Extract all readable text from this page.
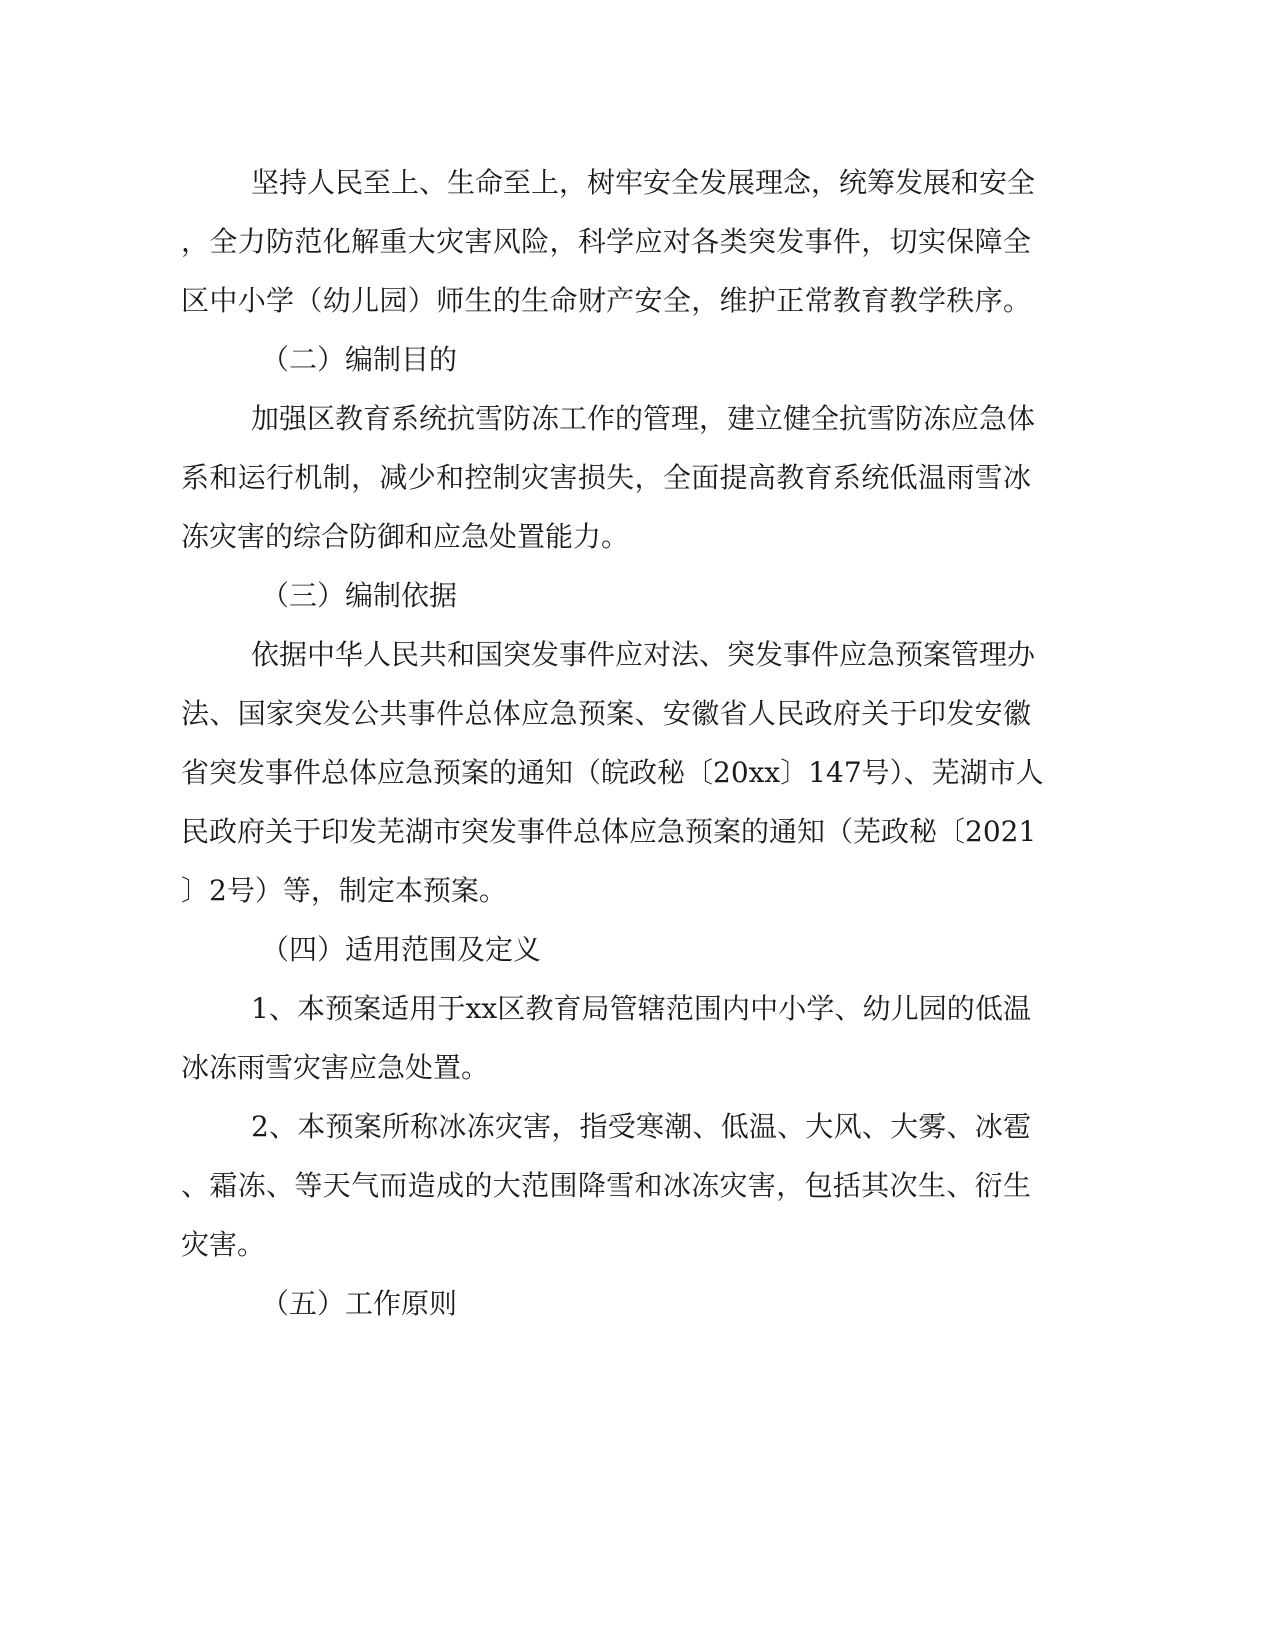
坚持人民至上、生命至上，树牢安全发展理念，统筹发展和安全
，全力防范化解重大灾害风险，科学应对各类突发事件，切实保障全
区中小学（幼儿园）师生的生命财产安全，维护正常教育教学秩序。
（二）编制目的
加强区教育系统抗雪防冻工作的管理，建立健全抗雪防冻应急体
系和运行机制，减少和控制灾害损失，全面提高教育系统低温雨雪冰
冻灾害的综合防御和应急处置能力。
（三）编制依据
依据中华人民共和国突发事件应对法、突发事件应急预案管理办
法、国家突发公共事件总体应急预案、安徽省人民政府关于印发安徽
省突发事件总体应急预案的通知（皖政秘〔20xx〕147号）、芜湖市人
民政府关于印发芜湖市突发事件总体应急预案的通知（芜政秘〔2021
〕2号）等，制定本预案。
（四）适用范围及定义
1、本预案适用于xx区教育局管辖范围内中小学、幼儿园的低温
冰冻雨雪灾害应急处置。
2、本预案所称冰冻灾害，指受寒潮、低温、大风、大雾、冰雹
、霜冻、等天气而造成的大范围降雪和冰冻灾害，包括其次生、衍生
灾害。
（五）工作原则
